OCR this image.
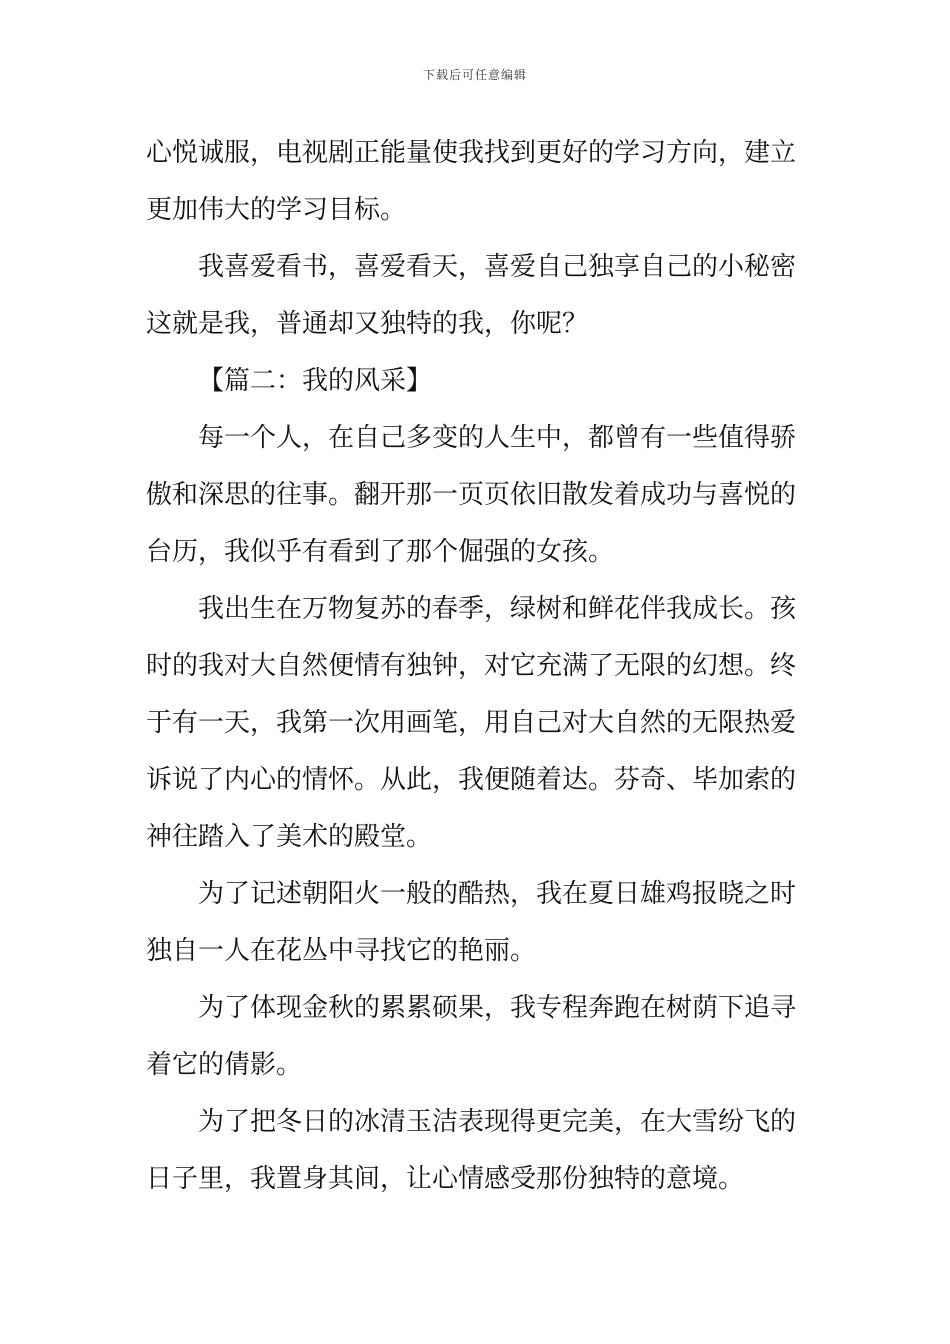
下载后可任意编辑
心悦诚服，电视剧正能量使我找到更好的学习方向，建立
更加伟大的学习目标。
我喜爱看书，喜爱看天，喜爱自己独享自己的小秘密
这就是我，普通却又独特的我，你呢？
【篇二：我的风采】
每一个人，在自己多变的人生中，都曾有一些值得骄
傲和深思的往事。翻开那一页页依旧散发着成功与喜悦的
台历，我似乎有看到了那个倔强的女孩。
我出生在万物复苏的春季，绿树和鲜花伴我成长。孩
时的我对大自然便情有独钟，对它充满了无限的幻想。终
于有一天，我第一次用画笔，用自己对大自然的无限热爱
诉说了内心的情怀。从此，我便随着达。芬奇、毕加索的
神往踏入了美术的殿堂。
为了记述朝阳火一般的酷热，我在夏日雄鸡报晓之时
独自一人在花丛中寻找它的艳丽。
为了体现金秋的累累硕果，我专程奔跑在树荫下追寻
着它的倩影。
为了把冬日的冰清玉洁表现得更完美，在大雪纷飞的
日子里，我置身其间，让心情感受那份独特的意境。
